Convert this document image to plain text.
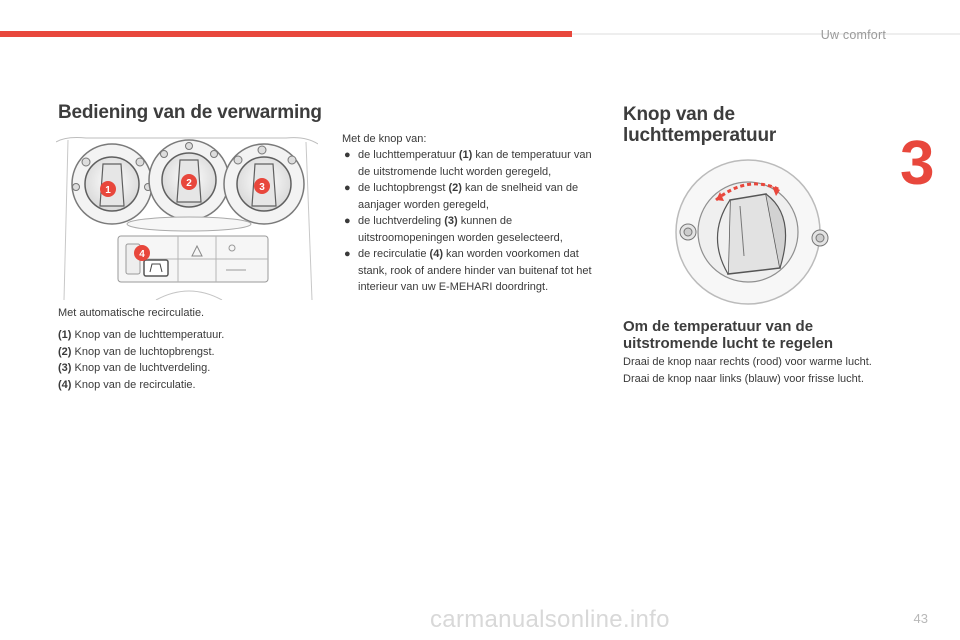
Uw comfort
3
Bediening van de verwarming
1
2	3
4
Met automatische recirculatie.
(1) Knop van de luchttemperatuur.
(2) Knop van de luchtopbrengst.
(3) Knop van de luchtverdeling.
(4) Knop van de recirculatie.
Met de knop van:
● de luchttemperatuur (1) kan de temperatuur van de uitstromende lucht worden geregeld,
● de luchtopbrengst (2) kan de snelheid van de aanjager worden geregeld,
● de luchtverdeling (3) kunnen de uitstroomopeningen worden geselecteerd,
● de recirculatie (4) kan worden voorkomen dat stank, rook of andere hinder van buitenaf tot het interieur van uw E-MEHARI doordringt.
Knop van de
luchttemperatuur
Om de temperatuur van de
uitstromende lucht te regelen
Draai de knop naar rechts (rood) voor warme lucht.
Draai de knop naar links (blauw) voor frisse lucht.
carmanualsonline.info	43
